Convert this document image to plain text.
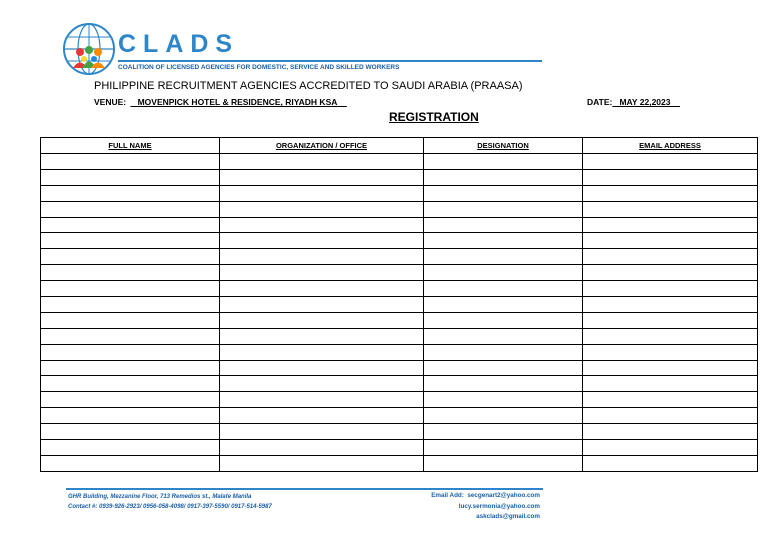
CLADS
COALITION OF LICENSED AGENCIES FOR DOMESTIC, SERVICE AND SKILLED WORKERS
PHILIPPINE RECRUITMENT AGENCIES ACCREDITED TO SAUDI ARABIA (PRAASA)
VENUE: MOVENPICK HOTEL & RESIDENCE, RIYADH KSA	DATE: MAY 22,2023
REGISTRATION
FULL NAME	ORGANIZATION / OFFICE	DESIGNATION	EMAIL ADDRESS

GHR Building, Mezzanine Floor, 713 Remedios st., Malate Manila
Contact #: 0939-926-2923/ 0956-058-4098/ 0917-397-5590/ 0917-514-5987
Email Add: secgenart2@yahoo.com
lucy.sermonia@yahoo.com
askclads@gmail.com
